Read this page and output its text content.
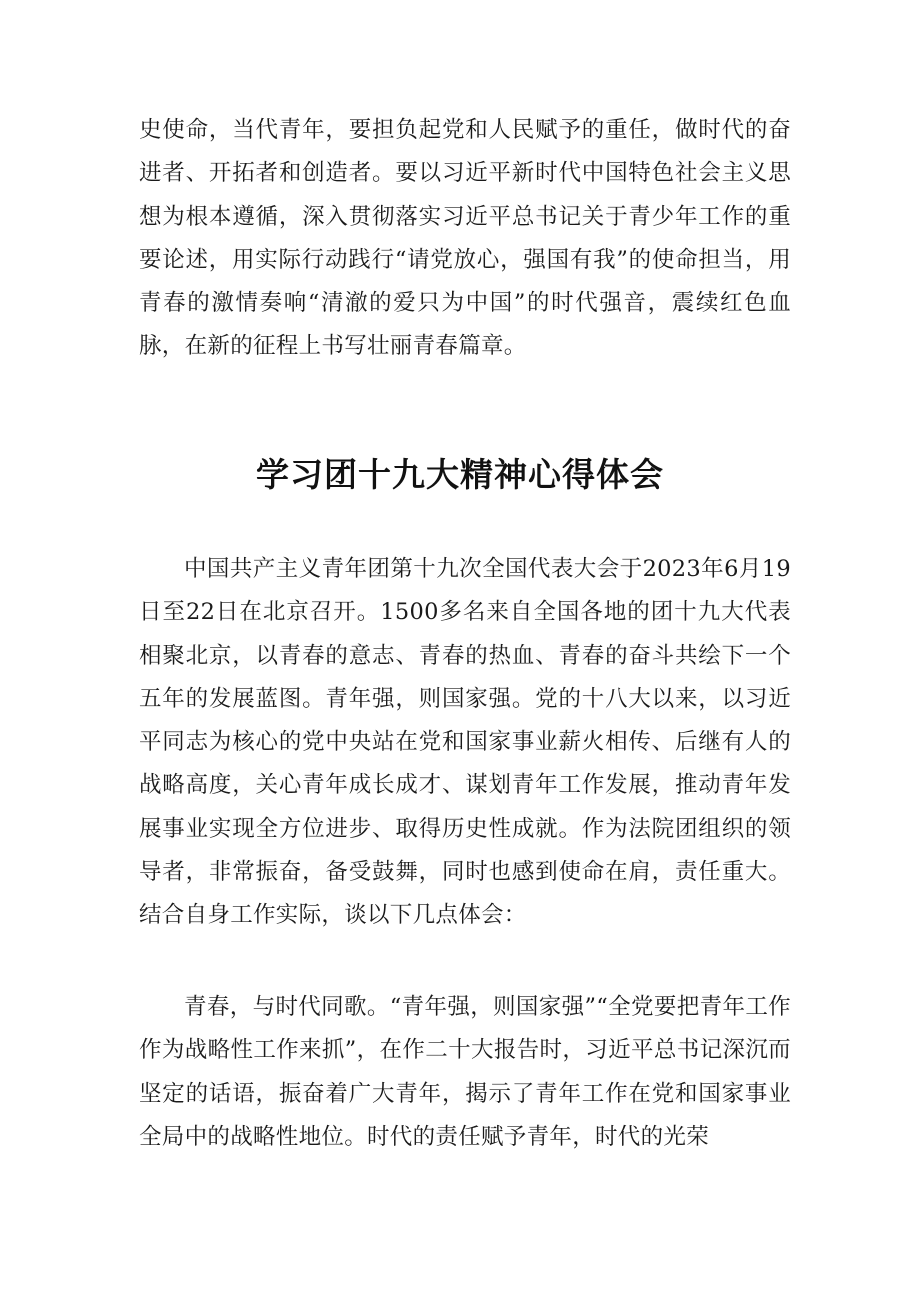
史使命，当代青年，要担负起党和人民赋予的重任，做时代的奋进者、开拓者和创造者。要以习近平新时代中国特色社会主义思想为根本遵循，深入贯彻落实习近平总书记关于青少年工作的重要论述，用实际行动践行“请党放心，强国有我”的使命担当，用青春的激情奏响“清澈的爱只为中国”的时代强音，震续红色血脉，在新的征程上书写壮丽青春篇章。

学习团十九大精神心得体会

中国共产主义青年团第十九次全国代表大会于2023年6月19日至22日在北京召开。1500多名来自全国各地的团十九大代表相聚北京，以青春的意志、青春的热血、青春的奋斗共绘下一个五年的发展蓝图。青年强，则国家强。党的十八大以来，以习近平同志为核心的党中央站在党和国家事业薪火相传、后继有人的战略高度，关心青年成长成才、谋划青年工作发展，推动青年发展事业实现全方位进步、取得历史性成就。作为法院团组织的领导者，非常振奋，备受鼓舞，同时也感到使命在肩，责任重大。结合自身工作实际，谈以下几点体会：

青春，与时代同歌。“青年强，则国家强”“全党要把青年工作作为战略性工作来抓”，在作二十大报告时，习近平总书记深沉而坚定的话语，振奋着广大青年，揭示了青年工作在党和国家事业全局中的战略性地位。时代的责任赋予青年，时代的光荣
